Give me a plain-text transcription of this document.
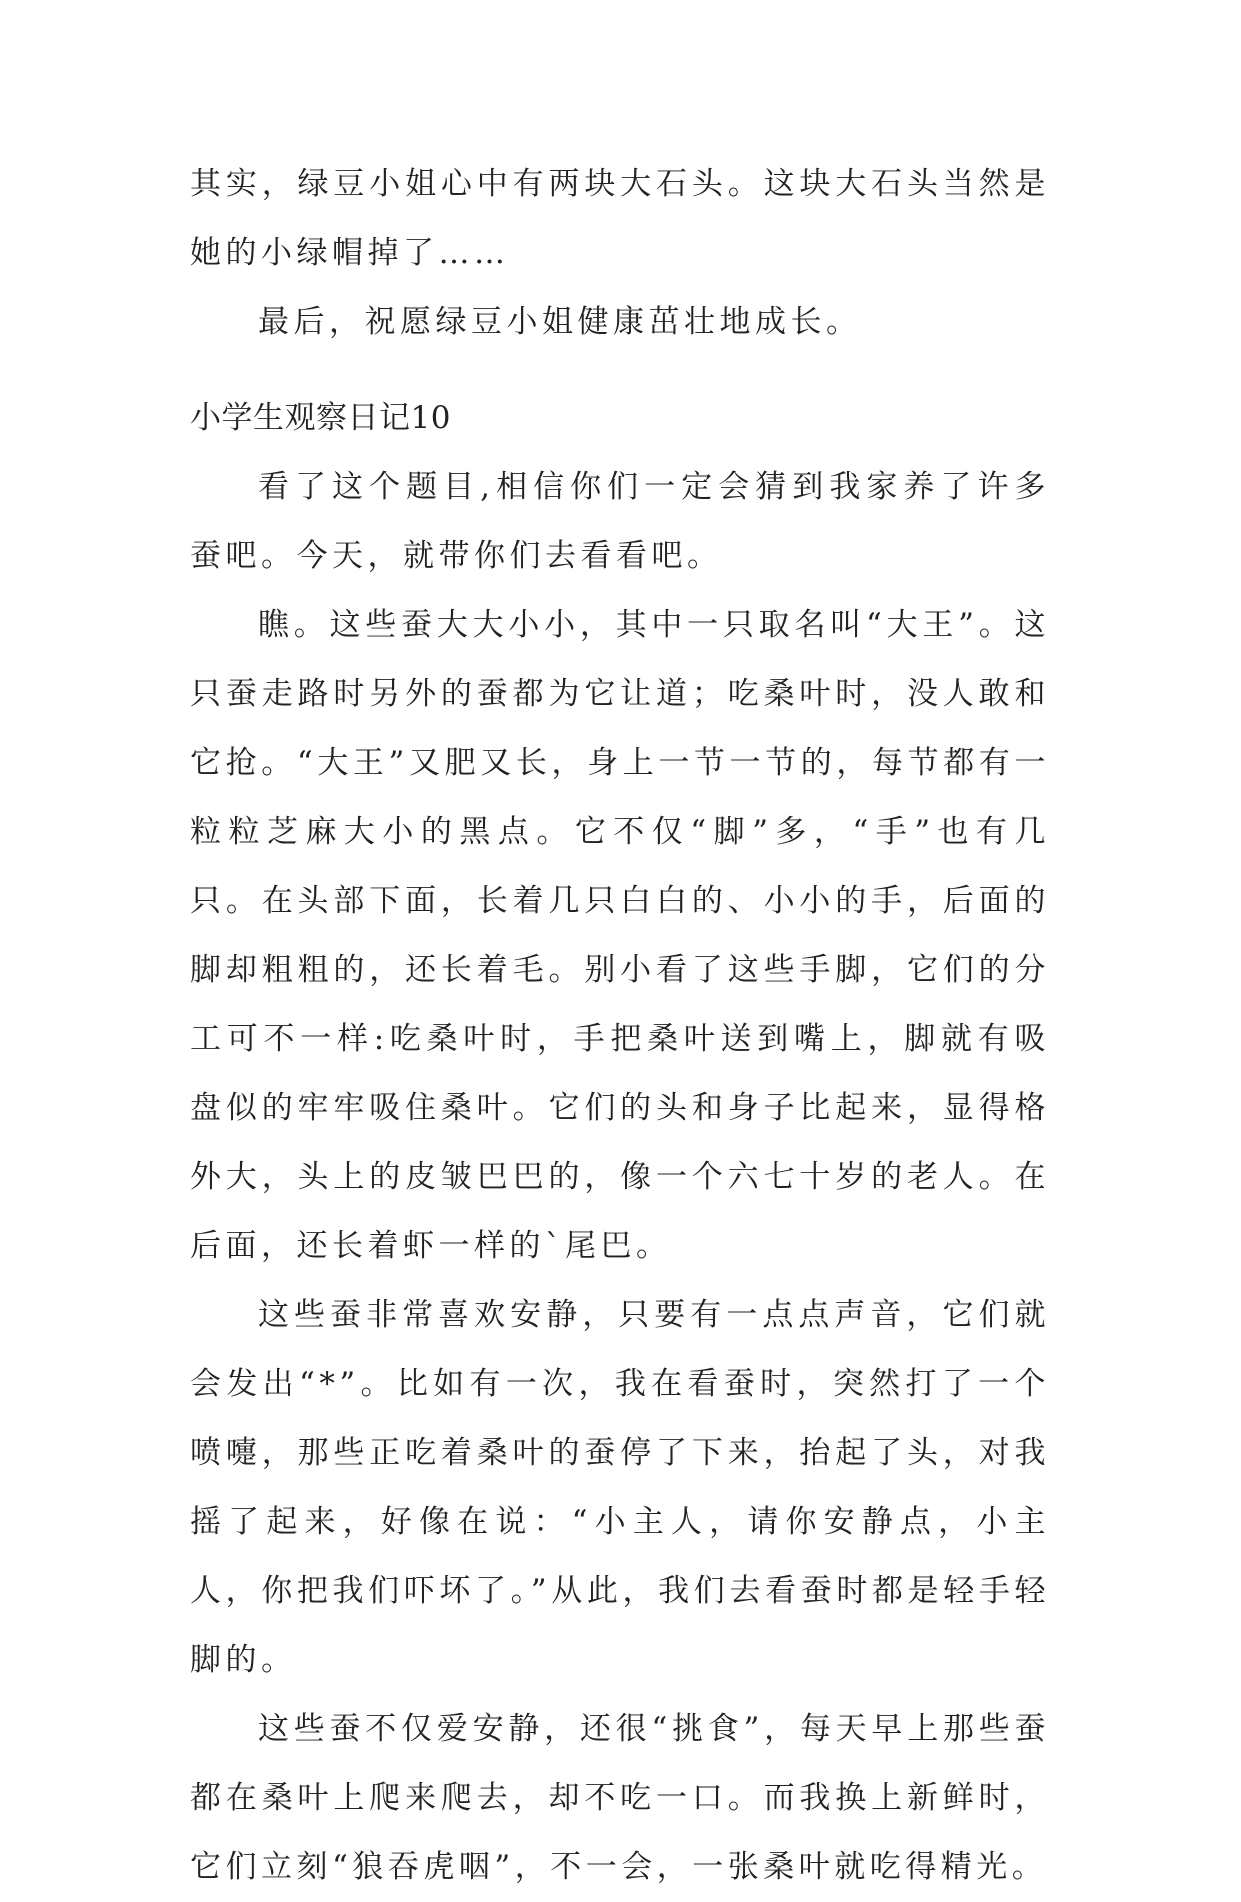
其实，绿豆小姐心中有两块大石头。这块大石头当然是她的小绿帽掉了……

最后，祝愿绿豆小姐健康茁壮地成长。

小学生观察日记10

看了这个题目,相信你们一定会猜到我家养了许多蚕吧。今天，就带你们去看看吧。

瞧。这些蚕大大小小，其中一只取名叫“大王”。这只蚕走路时另外的蚕都为它让道；吃桑叶时，没人敢和它抢。“大王”又肥又长，身上一节一节的，每节都有一粒粒芝麻大小的黑点。它不仅“脚”多，“手”也有几只。在头部下面，长着几只白白的、小小的手，后面的脚却粗粗的，还长着毛。别小看了这些手脚，它们的分工可不一样:吃桑叶时，手把桑叶送到嘴上，脚就有吸盘似的牢牢吸住桑叶。它们的头和身子比起来，显得格外大，头上的皮皱巴巴的，像一个六七十岁的老人。在后面，还长着虾一样的`尾巴。

这些蚕非常喜欢安静，只要有一点点声音，它们就会发出“*”。比如有一次，我在看蚕时，突然打了一个喷嚏，那些正吃着桑叶的蚕停了下来，抬起了头，对我摇了起来，好像在说：“小主人，请你安静点，小主人，你把我们吓坏了。”从此，我们去看蚕时都是轻手轻脚的。

这些蚕不仅爱安静，还很“挑食”，每天早上那些蚕都在桑叶上爬来爬去，却不吃一口。而我换上新鲜时，它们立刻“狼吞虎咽”，不一会，一张桑叶就吃得精光。
